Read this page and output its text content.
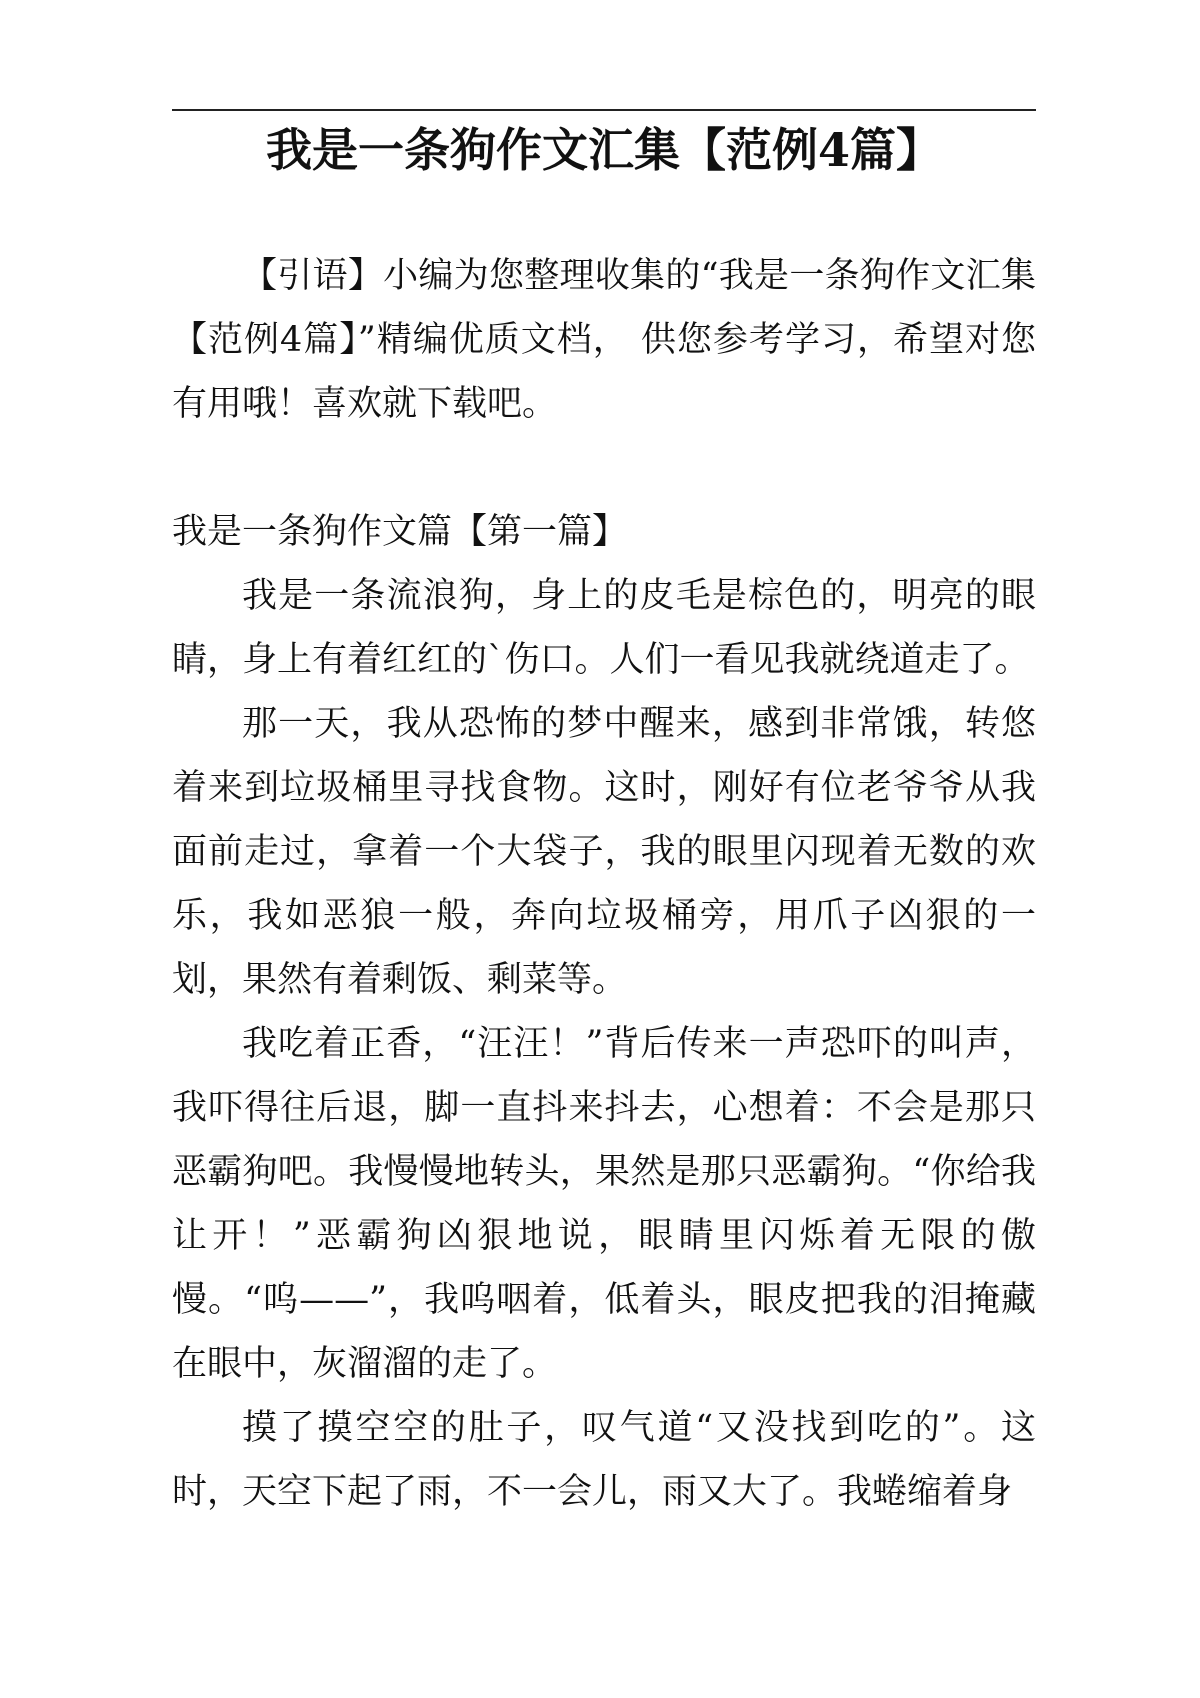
我是一条狗作文汇集【范例4篇】

【引语】小编为您整理收集的“我是一条狗作文汇集【范例4篇】”精编优质文档， 供您参考学习，希望对您有用哦！喜欢就下载吧。

我是一条狗作文篇【第一篇】

我是一条流浪狗，身上的皮毛是棕色的，明亮的眼睛，身上有着红红的`伤口。人们一看见我就绕道走了。

那一天，我从恐怖的梦中醒来，感到非常饿，转悠着来到垃圾桶里寻找食物。这时，刚好有位老爷爷从我面前走过，拿着一个大袋子，我的眼里闪现着无数的欢乐，我如恶狼一般，奔向垃圾桶旁，用爪子凶狠的一划，果然有着剩饭、剩菜等。

我吃着正香，“汪汪！”背后传来一声恐吓的叫声，我吓得往后退，脚一直抖来抖去，心想着：不会是那只恶霸狗吧。我慢慢地转头，果然是那只恶霸狗。“你给我让开！”恶霸狗凶狠地说，眼睛里闪烁着无限的傲慢。“呜——”，我呜咽着，低着头，眼皮把我的泪掩藏在眼中，灰溜溜的走了。

摸了摸空空的肚子，叹气道“又没找到吃的”。这时，天空下起了雨，不一会儿，雨又大了。我蜷缩着身
